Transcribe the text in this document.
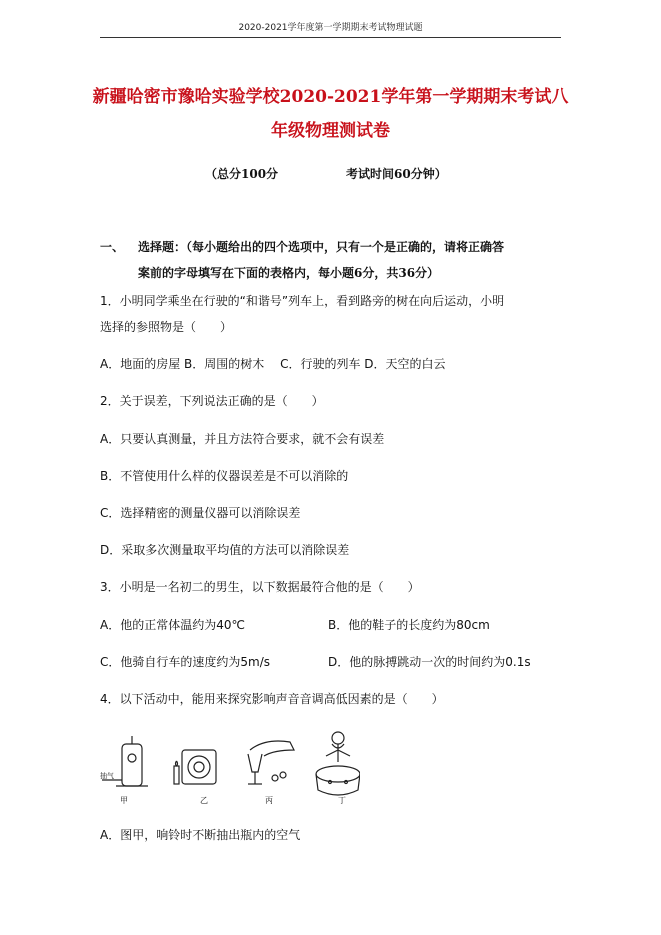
2020-2021学年度第一学期期末考试物理试题
新疆哈密市豫哈实验学校2020-2021学年第一学期期末考试八
年级物理测试卷
（总分100分	考试时间60分钟）
一、	选择题：（每小题给出的四个选项中，只有一个是正确的，请将正确答
案前的字母填写在下面的表格内，每小题6分，共36分）
1．小明同学乘坐在行驶的“和谐号”列车上，看到路旁的树在向后运动，小明
选择的参照物是（　　）
A．地面的房屋 B．周围的树木　 C．行驶的列车 D．天空的白云
2．关于误差，下列说法正确的是（　　）
A．只要认真测量，并且方法符合要求，就不会有误差
B．不管使用什么样的仪器误差是不可以消除的
C．选择精密的测量仪器可以消除误差
D．采取多次测量取平均值的方法可以消除误差
3．小明是一名初二的男生，以下数据最符合他的是（　　）
A．他的正常体温约为40℃	B．他的鞋子的长度约为80cm
C．他骑自行车的速度约为5m/s	D．他的脉搏跳动一次的时间约为0.1s
4．以下活动中，能用来探究影响声音音调高低因素的是（　　）
抽气
甲	乙	丙	丁
A．图甲，响铃时不断抽出瓶内的空气
